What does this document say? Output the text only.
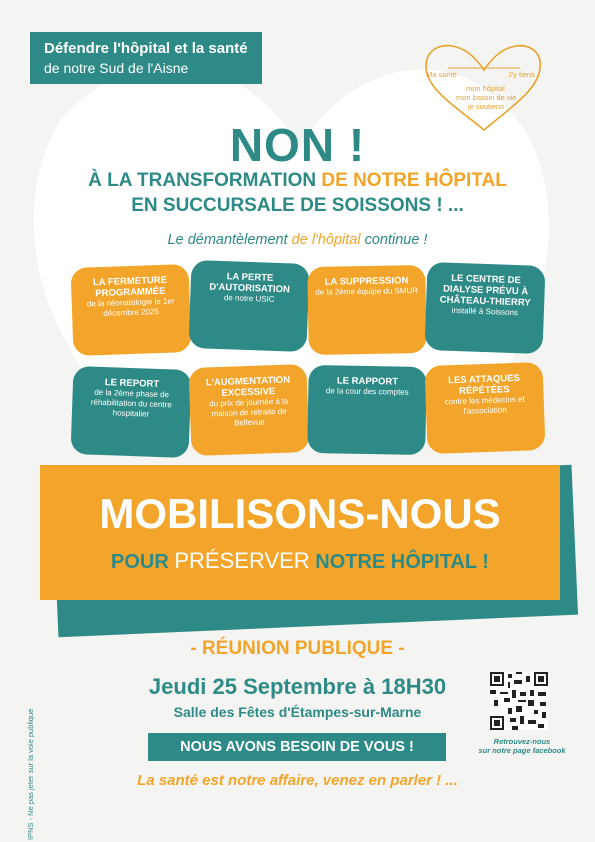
Défendre l'hôpital et la santé
de notre Sud de l'Aisne	Ma santé	J'y tiens
mon hôpital
mon bassin de vie
je soutiens
NON !
À LA TRANSFORMATION DE NOTRE HÔPITAL
EN SUCCURSALE DE SOISSONS ! ...
Le démantèlement de l'hôpital continue !
LA FERMETURE PROGRAMMÉE
de la néonatalogie le 1er décembre 2025
LA PERTE D'AUTORISATION
de notre USIC
LA SUPPRESSION
de la 2ème équipe du SMUR
LE CENTRE DE DIALYSE PRÉVU À CHÂTEAU-THIERRY
installé à Soissons
LE REPORT
de la 2ème phase de réhabilitation du centre hospitalier
L'AUGMENTATION EXCESSIVE
du prix de journée à la maison de retraite de Bellevue
LE RAPPORT
de la cour des comptes
LES ATTAQUES RÉPÉTÉES
contre les médecins et l'association
MOBILISONS-NOUS
POUR PRÉSERVER NOTRE HÔPITAL !
- RÉUNION PUBLIQUE -
Jeudi 25 Septembre à 18H30
Salle des Fêtes d'Étampes-sur-Marne
NOUS AVONS BESOIN DE VOUS !
La santé est notre affaire, venez en parler ! ...
Retrouvez-nous
sur notre page facebook
IPNS - Ne pas jeter sur la voie publique
